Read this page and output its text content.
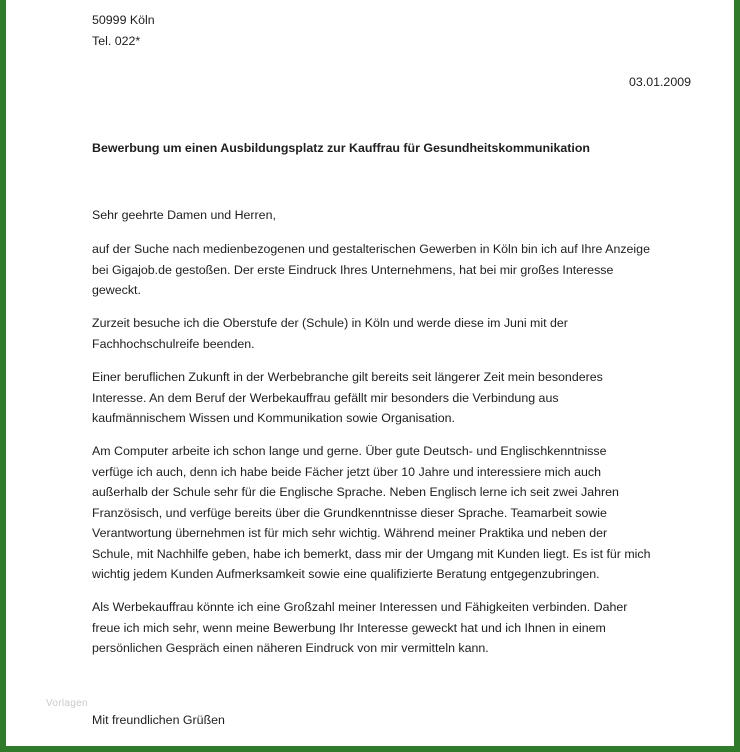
50999 Köln
Tel. 022*
03.01.2009
Bewerbung um einen Ausbildungsplatz zur Kauffrau für Gesundheitskommunikation
Sehr geehrte Damen und Herren,
auf der Suche nach medienbezogenen und gestalterischen Gewerben in Köln bin ich auf Ihre Anzeige
bei Gigajob.de gestoßen. Der erste Eindruck Ihres Unternehmens, hat bei mir großes Interesse
geweckt.
Zurzeit besuche ich die Oberstufe der (Schule) in Köln und werde diese im Juni mit der
Fachhochschulreife beenden.
Einer beruflichen Zukunft in der Werbebranche gilt bereits seit längerer Zeit mein besonderes
Interesse. An dem Beruf der Werbekauffrau gefällt mir besonders die Verbindung aus
kaufmännischem Wissen und Kommunikation sowie Organisation.
Am Computer arbeite ich schon lange und gerne. Über gute Deutsch- und Englischkenntnisse
verfüge ich auch, denn ich habe beide Fächer jetzt über 10 Jahre und interessiere mich auch
außerhalb der Schule sehr für die Englische Sprache. Neben Englisch lerne ich seit zwei Jahren
Französisch, und verfüge bereits über die Grundkenntnisse dieser Sprache. Teamarbeit sowie
Verantwortung übernehmen ist für mich sehr wichtig. Während meiner Praktika und neben der
Schule, mit Nachhilfe geben, habe ich bemerkt, dass mir der Umgang mit Kunden liegt. Es ist für mich
wichtig jedem Kunden Aufmerksamkeit sowie eine qualifizierte Beratung entgegenzubringen.
Als Werbekauffrau könnte ich eine Großzahl meiner Interessen und Fähigkeiten verbinden. Daher
freue ich mich sehr, wenn meine Bewerbung Ihr Interesse geweckt hat und ich Ihnen in einem
persönlichen Gespräch einen näheren Eindruck von mir vermitteln kann.
Vorlagen
Mit freundlichen Grüßen
